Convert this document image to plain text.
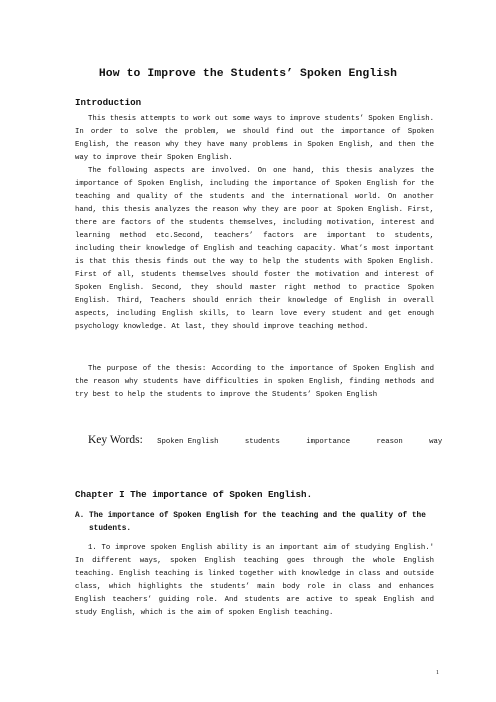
How to Improve the Students’ Spoken English
Introduction

This thesis attempts to work out some ways to improve students’ Spoken English. In order to solve the problem, we should find out the importance of Spoken English, the reason why they have many problems in Spoken English, and then the way to improve their Spoken English.

The following aspects are involved. On one hand, this thesis analyzes the importance of Spoken English, including the importance of Spoken English for the teaching and quality of the students and the international world. On another hand, this thesis analyzes the reason why they are poor at Spoken English. First, there are factors of the students themselves, including motivation, interest and learning method etc.Second, teachers’ factors are important to students, including their knowledge of English and teaching capacity. What’s most important is that this thesis finds out the way to help the students with Spoken English. First of all, students themselves should foster the motivation and interest of Spoken English. Second, they should master right method to practice Spoken English. Third, Teachers should enrich their knowledge of English in overall aspects, including English skills, to learn love every student and get enough psychology knowledge. At last, they should improve teaching method.

The purpose of the thesis: According to the importance of Spoken English and the reason why students have difficulties in spoken English, finding methods and try best to help the students to improve the Students’ Spoken English

Key Words: Spoken English	students	importance	reason	way
Chapter I The importance of Spoken English.
A. The importance of Spoken English for the teaching and the quality of the
students.

1. To improve spoken English ability is an important aim of studying English.' In different ways, spoken English teaching goes through the whole English teaching. English teaching is linked together with knowledge in class and outside class, which highlights the students’ main body role in class and enhances English teachers’ guiding role. And students are active to speak English and study English, which is the aim of spoken English teaching.

1
